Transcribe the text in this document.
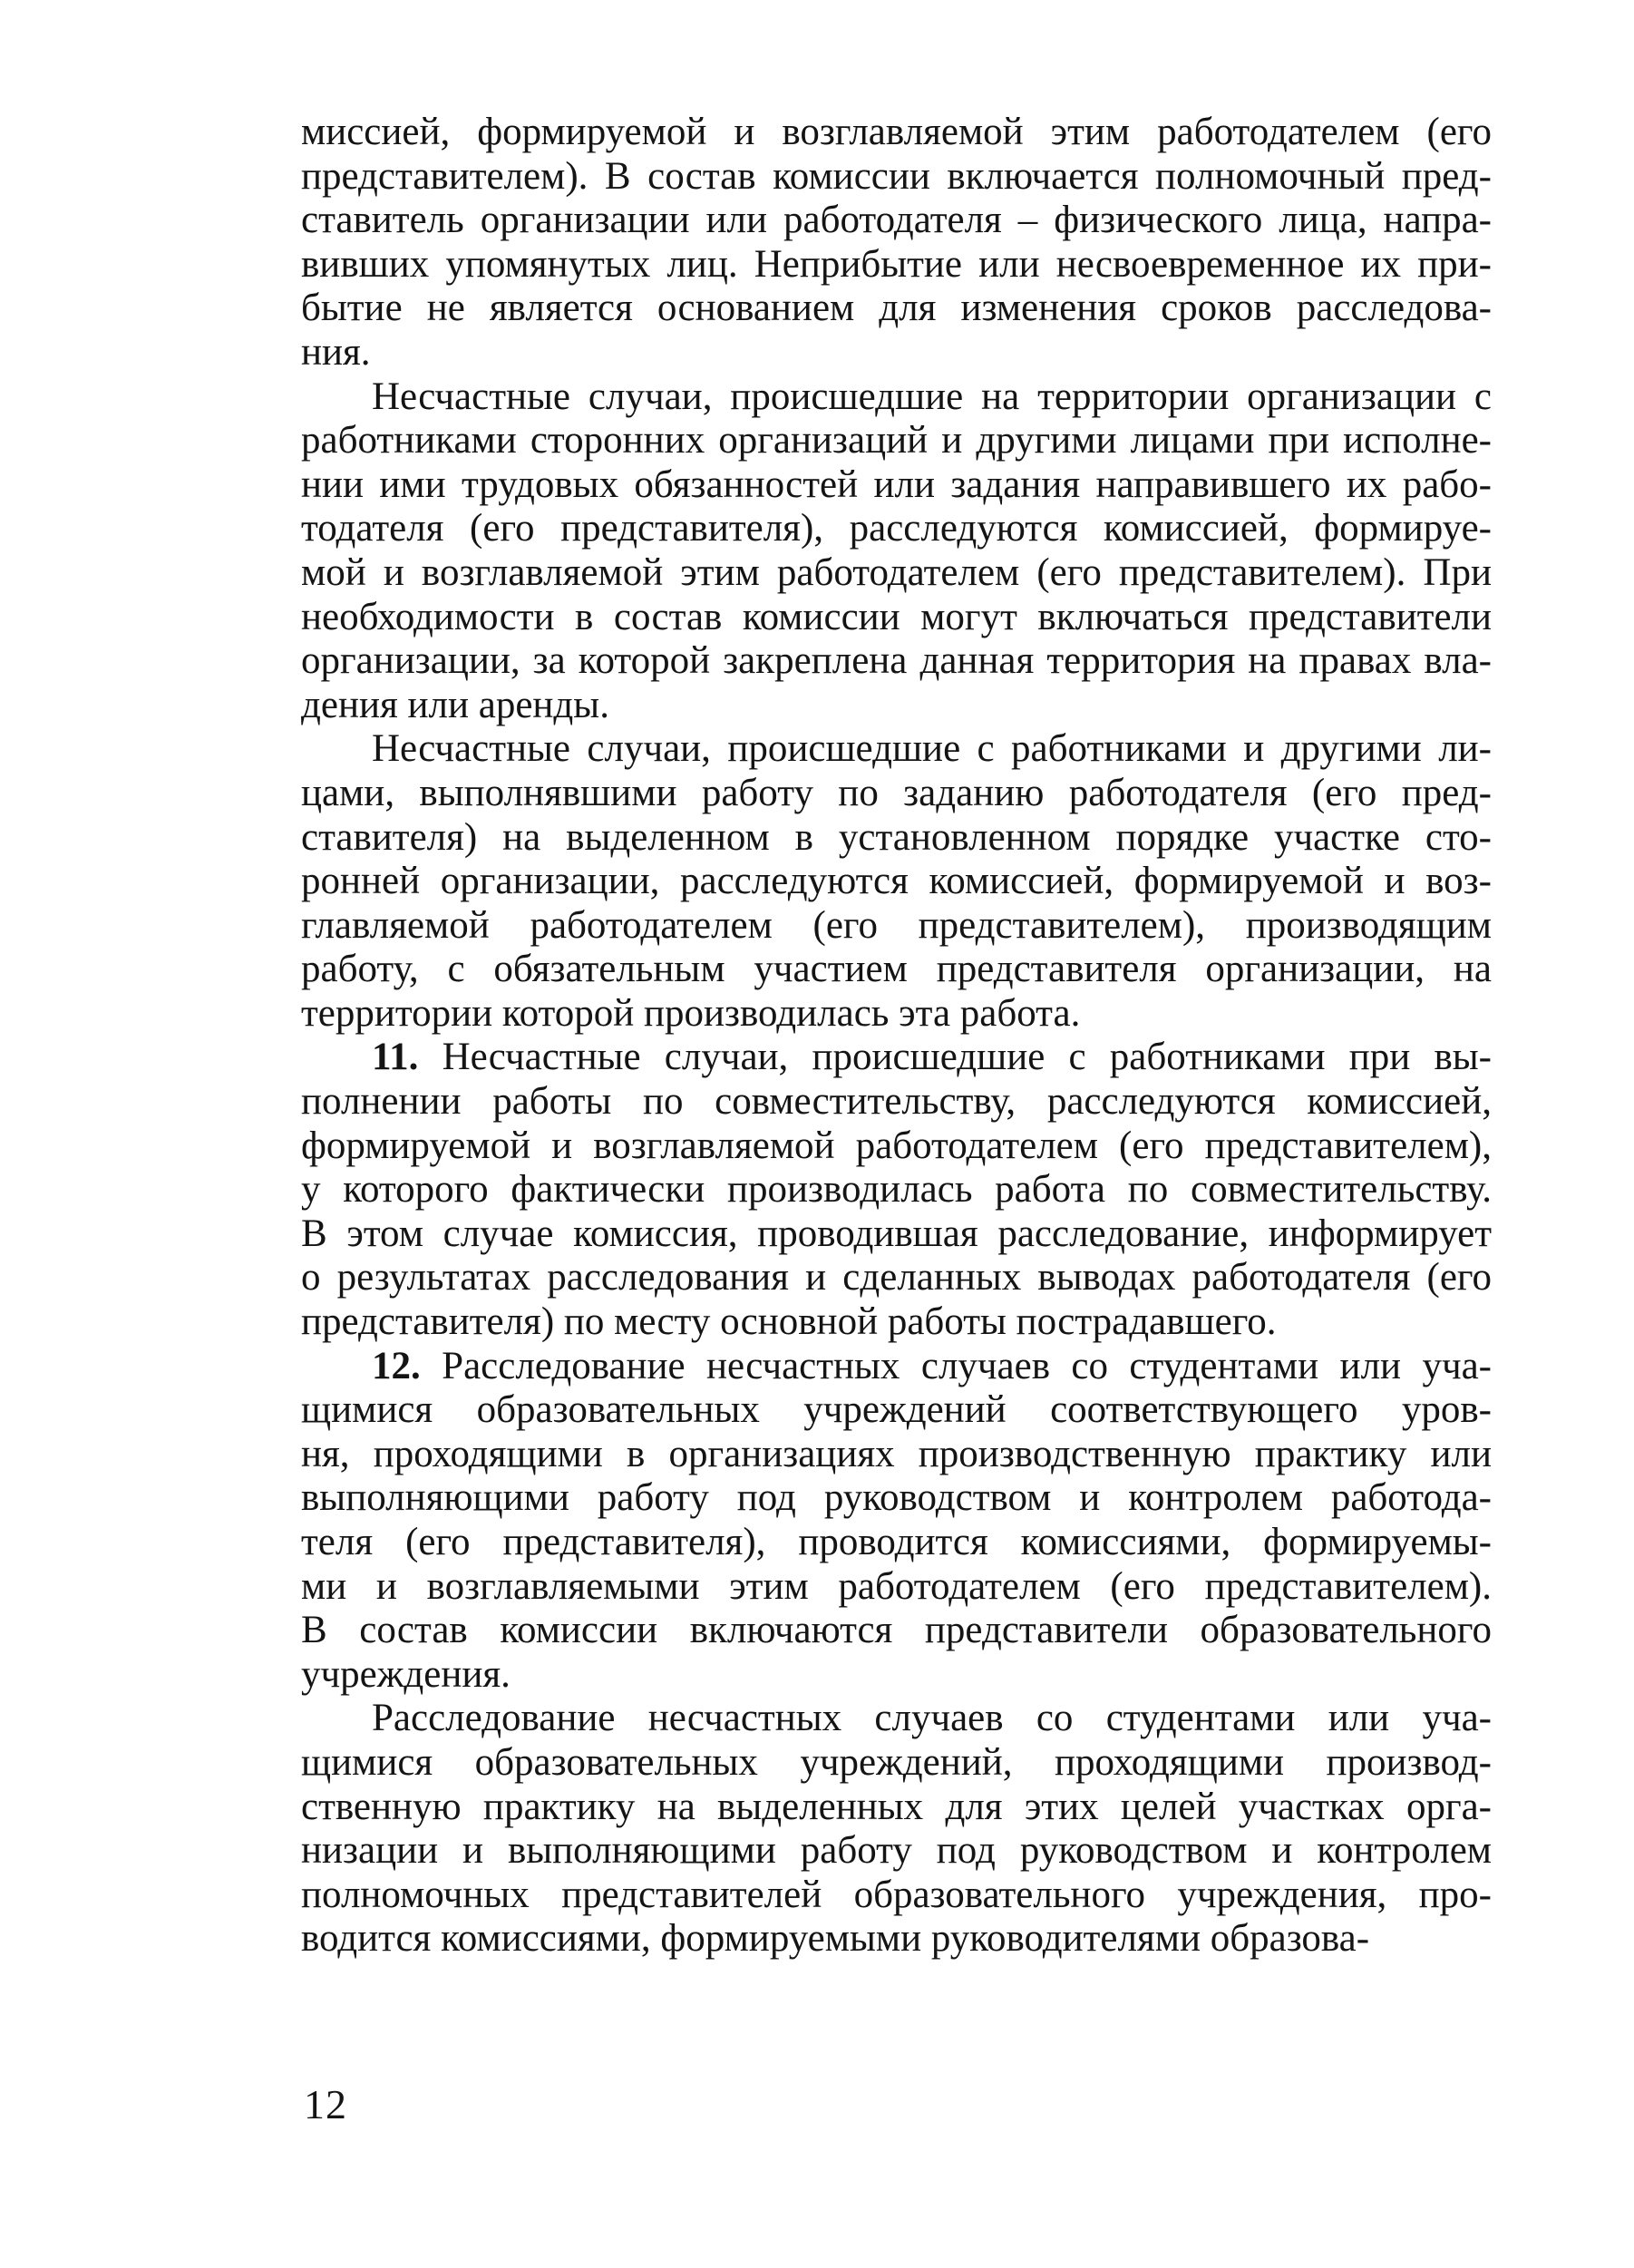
миссией, формируемой и возглавляемой этим работодателем (его

представителем). В состав комиссии включается полномочный пред-

ставитель организации или работодателя – физического лица, напра-

вивших упомянутых лиц. Неприбытие или несвоевременное их при-

бытие не является основанием для изменения сроков расследова-

ния.

Несчастные случаи, происшедшие на территории организации с

работниками сторонних организаций и другими лицами при исполне-

нии ими трудовых обязанностей или задания направившего их рабо-

тодателя (его представителя), расследуются комиссией, формируе-

мой и возглавляемой этим работодателем (его представителем). При

необходимости в состав комиссии могут включаться представители

организации, за которой закреплена данная территория на правах вла-

дения или аренды.

Несчастные случаи, происшедшие с работниками и другими ли-

цами, выполнявшими работу по заданию работодателя (его пред-

ставителя) на выделенном в установленном порядке участке сто-

ронней организации, расследуются комиссией, формируемой и воз-

главляемой работодателем (его представителем), производящим

работу, с обязательным участием представителя организации, на

территории которой производилась эта работа.

11. Несчастные случаи, происшедшие с работниками при вы-

полнении работы по совместительству, расследуются комиссией,

формируемой и возглавляемой работодателем (его представителем),

у которого фактически производилась работа по совместительству.

В этом случае комиссия, проводившая расследование, информирует

о результатах расследования и сделанных выводах работодателя (его

представителя) по месту основной работы пострадавшего.

12. Расследование несчастных случаев со студентами или уча-

щимися образовательных учреждений соответствующего уров-

ня, проходящими в организациях производственную практику или

выполняющими работу под руководством и контролем работода-

теля (его представителя), проводится комиссиями, формируемы-

ми и возглавляемыми этим работодателем (его представителем).

В состав комиссии включаются представители образовательного

учреждения.

Расследование несчастных случаев со студентами или уча-

щимися образовательных учреждений, проходящими производ-

ственную практику на выделенных для этих целей участках орга-

низации и выполняющими работу под руководством и контролем

полномочных представителей образовательного учреждения, про-

водится комиссиями, формируемыми руководителями образова-

12
